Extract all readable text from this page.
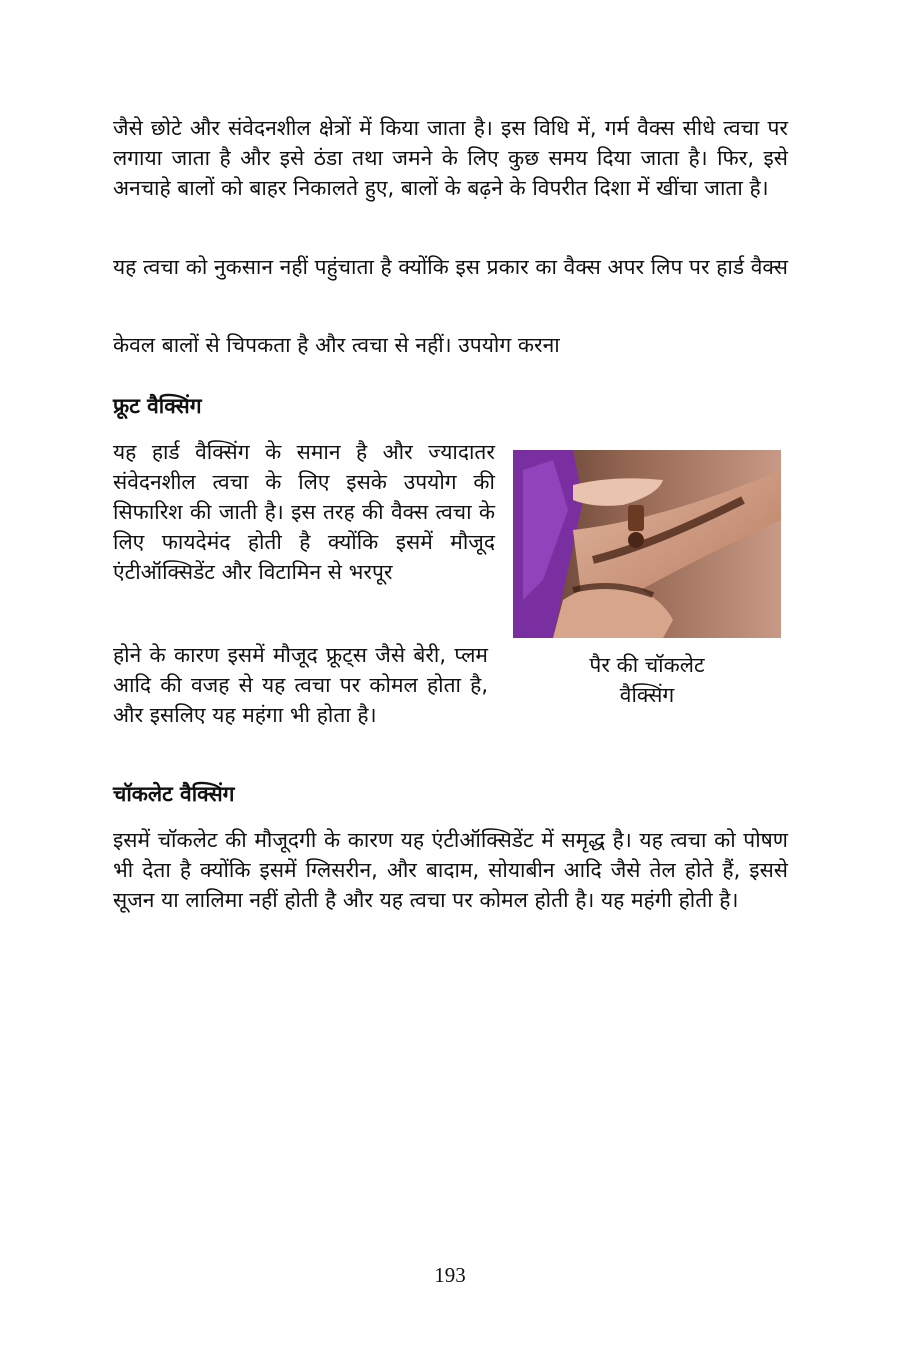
जैसे छोटे और संवेदनशील क्षेत्रों में किया जाता है। इस विधि में, गर्म वैक्स सीधे त्वचा पर लगाया जाता है और इसे ठंडा तथा जमने के लिए कुछ समय दिया जाता है। फिर, इसे अनचाहे बालों को बाहर निकालते हुए, बालों के बढ़ने के विपरीत दिशा में खींचा जाता है।

यह त्वचा को नुकसान नहीं पहुंचाता है क्योंकि इस प्रकार का वैक्स अपर लिप पर हार्ड वैक्स

केवल बालों से चिपकता है और त्वचा से नहीं। उपयोग करना

फ्रूट वैक्सिंग

यह हार्ड वैक्सिंग के समान है और ज्यादातर संवेदनशील त्वचा के लिए इसके उपयोग की सिफारिश की जाती है। इस तरह की वैक्स त्वचा के लिए फायदेमंद होती है क्योंकि इसमें मौजूद एंटीऑक्सिडेंट और विटामिन से भरपूर

होने के कारण इसमें मौजूद फ्रूट्स जैसे बेरी, प्लम आदि की वजह से यह त्वचा पर कोमल होता है, और इसलिए यह महंगा भी होता है।

पैर की चॉकलेट
वैक्सिंग
चॉकलेट वैक्सिंग

इसमें चॉकलेट की मौजूदगी के कारण यह एंटीऑक्सिडेंट में समृद्ध है। यह त्वचा को पोषण भी देता है क्योंकि इसमें ग्लिसरीन, और बादाम, सोयाबीन आदि जैसे तेल होते हैं, इससे सूजन या लालिमा नहीं होती है और यह त्वचा पर कोमल होती है। यह महंगी होती है।

193
